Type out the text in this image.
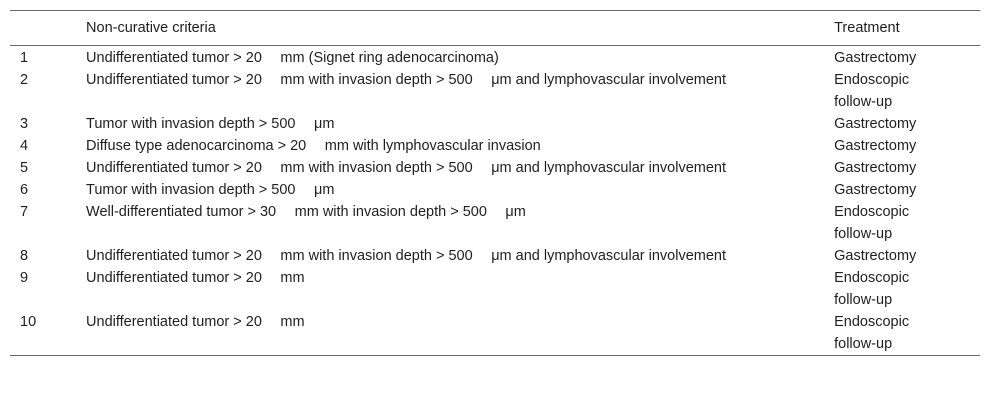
	Non-curative criteria	Treatment
1	Undifferentiated tumor > 20  mm (Signet ring adenocarcinoma)	Gastrectomy
2	Undifferentiated tumor > 20  mm with invasion depth > 500  μm and lymphovascular involvement	Endoscopic follow-up
3	Tumor with invasion depth > 500  μm	Gastrectomy
4	Diffuse type adenocarcinoma > 20  mm with lymphovascular invasion	Gastrectomy
5	Undifferentiated tumor > 20  mm with invasion depth > 500  μm and lymphovascular involvement	Gastrectomy
6	Tumor with invasion depth > 500  μm	Gastrectomy
7	Well-differentiated tumor > 30  mm with invasion depth > 500  μm	Endoscopic follow-up
8	Undifferentiated tumor > 20  mm with invasion depth > 500  μm and lymphovascular involvement	Gastrectomy
9	Undifferentiated tumor > 20  mm	Endoscopic follow-up
10	Undifferentiated tumor > 20  mm	Endoscopic follow-up
